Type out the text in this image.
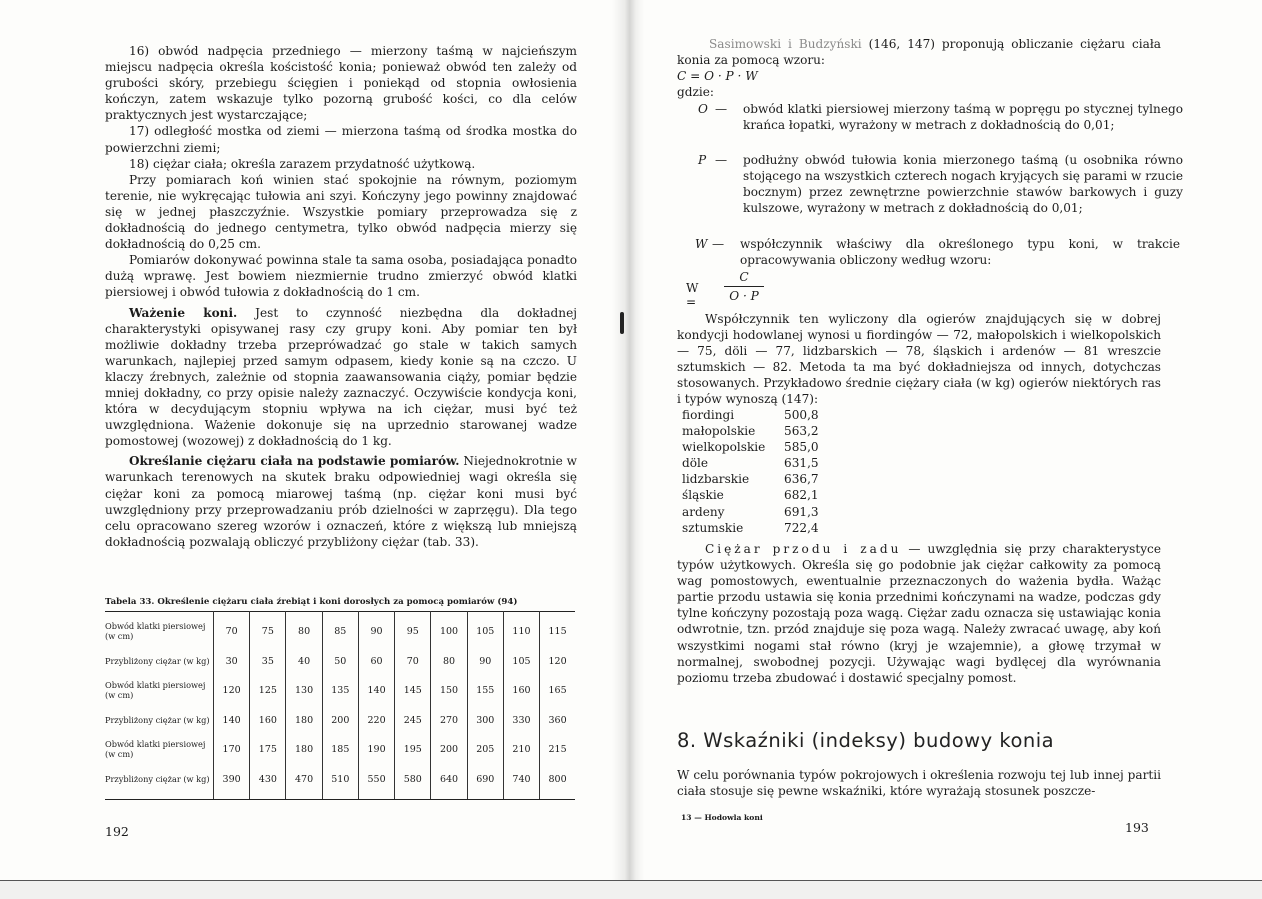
16) obwód nadpęcia przedniego — mierzony taśmą w najcieńszym miejscu nadpęcia określa kościstość konia; ponieważ obwód ten zależy od grubości skóry, przebiegu ścięgien i poniekąd od stopnia owłosienia kończyn, zatem wskazuje tylko pozorną grubość kości, co dla celów praktycznych jest wystarczające;

17) odległość mostka od ziemi — mierzona taśmą od środka mostka do powierzchni ziemi;

18) ciężar ciała; określa zarazem przydatność użytkową.

Przy pomiarach koń winien stać spokojnie na równym, poziomym terenie, nie wykręcając tułowia ani szyi. Kończyny jego powinny znajdować się w jednej płaszczyźnie. Wszystkie pomiary przeprowadza się z dokładnością do jednego centymetra, tylko obwód nadpęcia mierzy się dokładnością do 0,25 cm.

Pomiarów dokonywać powinna stale ta sama osoba, posiadająca ponadto dużą wprawę. Jest bowiem niezmiernie trudno zmierzyć obwód klatki piersiowej i obwód tułowia z dokładnością do 1 cm.

Ważenie koni. Jest to czynność niezbędna dla dokładnej charakterystyki opisywanej rasy czy grupy koni. Aby pomiar ten był możliwie dokładny trzeba przeprówadzać go stale w takich samych warunkach, najlepiej przed samym odpasem, kiedy konie są na czczo. U klaczy źrebnych, zależnie od stopnia zaawansowania ciąży, pomiar będzie mniej dokładny, co przy opisie należy zaznaczyć. Oczywiście kondycja koni, która w decydującym stopniu wpływa na ich ciężar, musi być też uwzględniona. Ważenie dokonuje się na uprzednio starowanej wadze pomostowej (wozowej) z dokładnością do 1 kg.

Określanie ciężaru ciała na podstawie pomiarów. Niejednokrotnie w warunkach terenowych na skutek braku odpowiedniej wagi określa się ciężar koni za pomocą miarowej taśmą (np. ciężar koni musi być uwzględniony przy przeprowadzaniu prób dzielności w zaprzęgu). Dla tego celu opracowano szereg wzorów i oznaczeń, które z większą lub mniejszą dokładnością pozwalają obliczyć przybliżony ciężar (tab. 33).

Tabela 33. Określenie ciężaru ciała źrebiąt i koni dorosłych za pomocą pomiarów (94)
Obwód klatki piersiowej (w cm)	70	75	80	85	90	95	100	105	110	115
Przybliżony ciężar (w kg)	30	35	40	50	60	70	80	90	105	120
Obwód klatki piersiowej (w cm)	120	125	130	135	140	145	150	155	160	165
Przybliżony ciężar (w kg)	140	160	180	200	220	245	270	300	330	360
Obwód klatki piersiowej (w cm)	170	175	180	185	190	195	200	205	210	215
Przybliżony ciężar (w kg)	390	430	470	510	550	580	640	690	740	800
192

Sasimowski i Budzyński (146, 147) proponują obliczanie ciężaru ciała konia za pomocą wzoru:

C = O · P · W

gdzie:

O — obwód klatki piersiowej mierzony taśmą w popręgu po stycznej tylnego krańca łopatki, wyrażony w metrach z dokładnością do 0,01;
P — podłużny obwód tułowia konia mierzonego taśmą (u osobnika równo stojącego na wszystkich czterech nogach kryjących się parami w rzucie bocznym) przez zewnętrzne powierzchnie stawów barkowych i guzy kulszowe, wyrażony w metrach z dokładnością do 0,01;
W — współczynnik właściwy dla określonego typu koni, w trakcie opracowywania obliczony według wzoru:
$W = \frac{C}{O \cdot P}$

Współczynnik ten wyliczony dla ogierów znajdujących się w dobrej kondycji hodowlanej wynosi u fiordingów — 72, małopolskich i wielkopolskich — 75, döli — 77, lidzbarskich — 78, śląskich i ardenów — 81 wreszcie sztumskich — 82. Metoda ta ma być dokładniejsza od innych, dotychczas stosowanych. Przykładowo średnie ciężary ciała (w kg) ogierów niektórych ras i typów wynoszą (147):

fiordingi	500,8
małopolskie 563,2
wielkopolskie 585,0
döle	631,5
lidzbarskie	636,7
śląskie	682,1
ardeny	691,3
sztumskie	722,4

Ciężar przodu i zadu — uwzględnia się przy charakterystyce typów użytkowych. Określa się go podobnie jak ciężar całkowity za pomocą wag pomostowych, ewentualnie przeznaczonych do ważenia bydła. Ważąc partie przodu ustawia się konia przednimi kończynami na wadze, podczas gdy tylne kończyny pozostają poza wagą. Ciężar zadu oznacza się ustawiając konia odwrotnie, tzn. przód znajduje się poza wagą. Należy zwracać uwagę, aby koń wszystkimi nogami stał równo (kryj je wzajemnie), a głowę trzymał w normalnej, swobodnej pozycji. Używając wagi bydlęcej dla wyrównania poziomu trzeba zbudować i dostawić specjalny pomost.

8. Wskaźniki (indeksy) budowy konia

W celu porównania typów pokrojowych i określenia rozwoju tej lub innej partii ciała stosuje się pewne wskaźniki, które wyrażają stosunek poszcze-

13 — Hodowla koni
193
